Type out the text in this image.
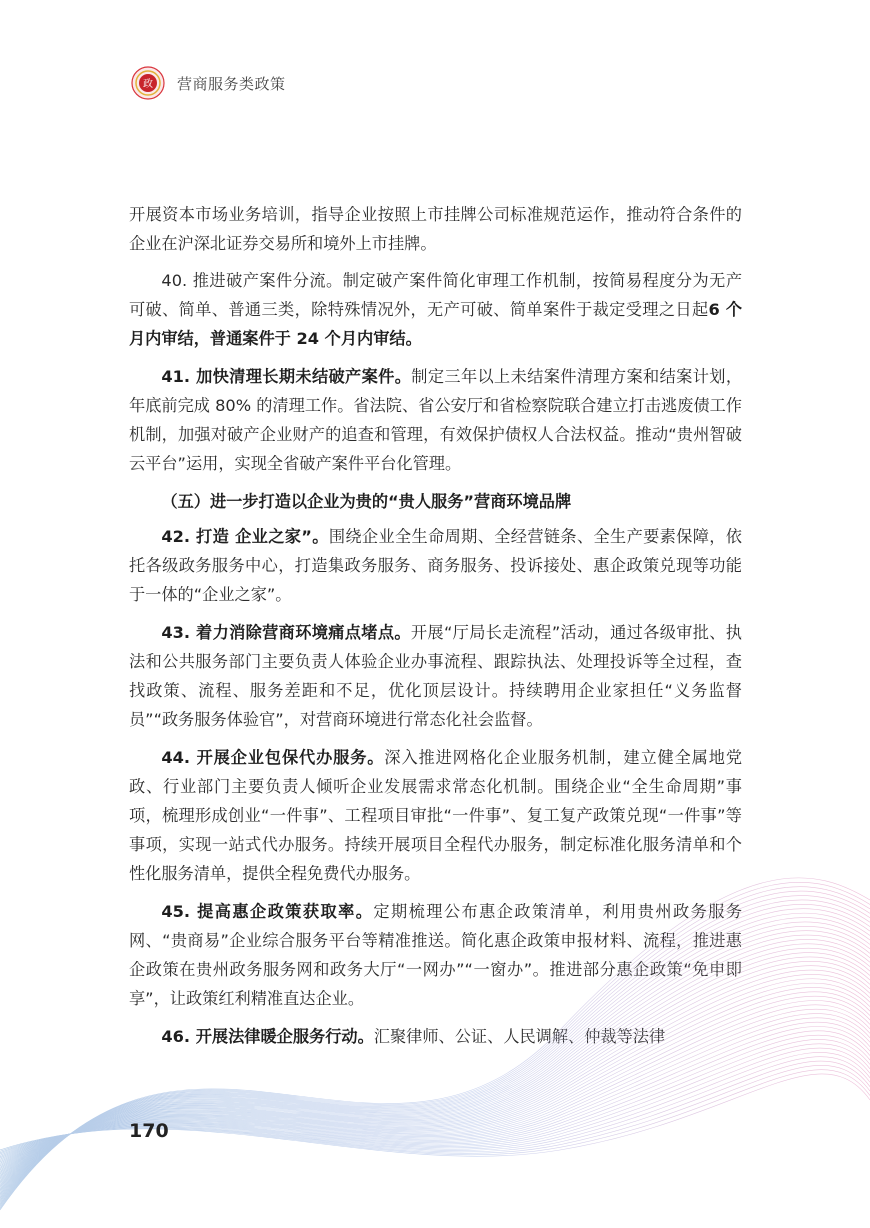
政 营商服务类政策

开展资本市场业务培训，指导企业按照上市挂牌公司标准规范运作，推动符合条件的企业在沪深北证券交易所和境外上市挂牌。

40. 推进破产案件分流。制定破产案件简化审理工作机制，按简易程度分为无产可破、简单、普通三类，除特殊情况外，无产可破、简单案件于裁定受理之日起6 个月内审结，普通案件于 24 个月内审结。

41. 加快清理长期未结破产案件。制定三年以上未结案件清理方案和结案计划，年底前完成 80% 的清理工作。省法院、省公安厅和省检察院联合建立打击逃废债工作机制，加强对破产企业财产的追查和管理，有效保护债权人合法权益。推动“贵州智破云平台”运用，实现全省破产案件平台化管理。

（五）进一步打造以企业为贵的“贵人服务”营商环境品牌

42. 打造 企业之家”。围绕企业全生命周期、全经营链条、全生产要素保障，依托各级政务服务中心，打造集政务服务、商务服务、投诉接处、惠企政策兑现等功能于一体的“企业之家”。

43. 着力消除营商环境痛点堵点。开展“厅局长走流程”活动，通过各级审批、执法和公共服务部门主要负责人体验企业办事流程、跟踪执法、处理投诉等全过程，查找政策、流程、服务差距和不足，优化顶层设计。持续聘用企业家担任“义务监督员”“政务服务体验官”，对营商环境进行常态化社会监督。

44. 开展企业包保代办服务。深入推进网格化企业服务机制，建立健全属地党政、行业部门主要负责人倾听企业发展需求常态化机制。围绕企业“全生命周期”事项，梳理形成创业“一件事”、工程项目审批“一件事”、复工复产政策兑现“一件事”等事项，实现一站式代办服务。持续开展项目全程代办服务，制定标准化服务清单和个性化服务清单，提供全程免费代办服务。

45. 提高惠企政策获取率。定期梳理公布惠企政策清单，利用贵州政务服务网、“贵商易”企业综合服务平台等精准推送。简化惠企政策申报材料、流程，推进惠企政策在贵州政务服务网和政务大厅“一网办”“一窗办”。推进部分惠企政策“免申即享”，让政策红利精准直达企业。

46. 开展法律暖企服务行动。汇聚律师、公证、人民调解、仲裁等法律

170
